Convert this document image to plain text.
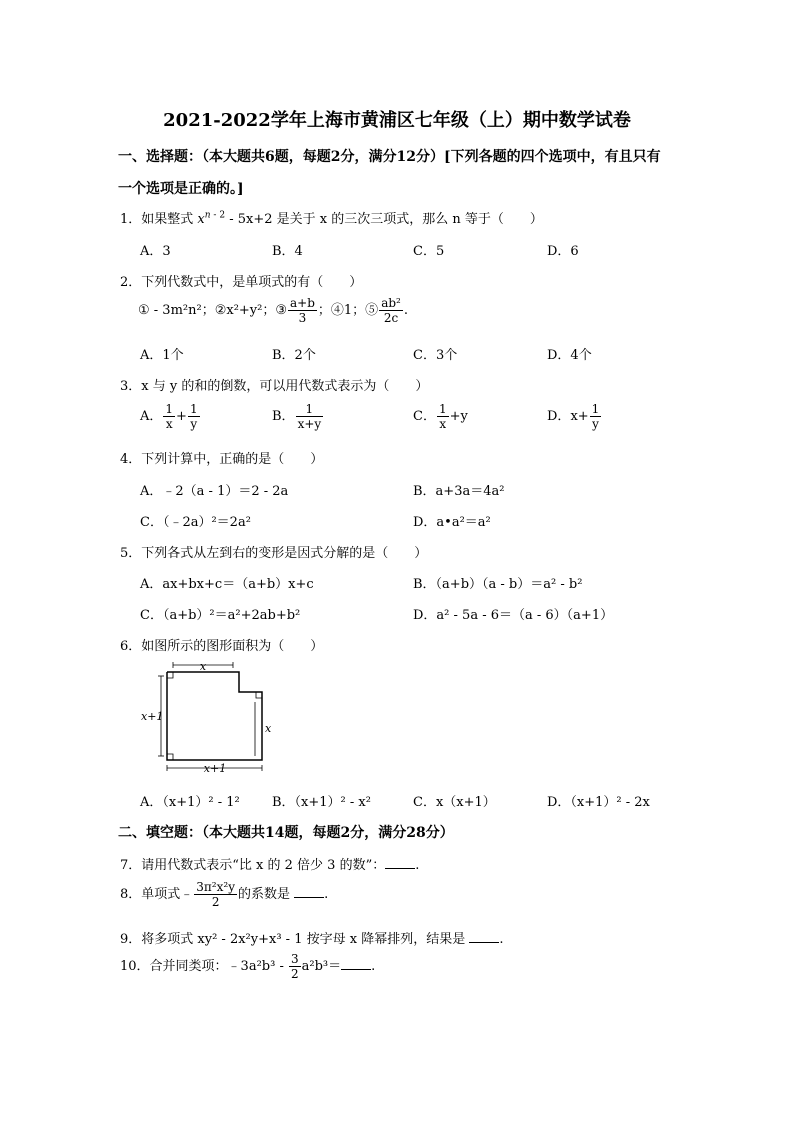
2021-2022学年上海市黄浦区七年级（上）期中数学试卷
一、选择题：（本大题共6题，每题2分，满分12分）[下列各题的四个选项中，有且只有
一个选项是正确的。]
1．如果整式 $x^{n - 2} - 5x+2$ 是关于 x 的三次三项式，那么 n 等于（　　）
A．3	B．4	C．5	D．6
2．下列代数式中，是单项式的有（　　）
① - 3m²n²；②x²+y²；③ $\frac{a+b}{3}$ ；④1；⑤ $\frac{\text{ab²}}{2c}$ .
A．1个	B．2个	C．3个	D．4个
3．x 与 y 的和的倒数，可以用代数式表示为（　　）
A． $\frac{1}{x} + \frac{1}{y}$	B． $\frac{1}{x+y}$	C． $\frac{1}{x} +y$	D．$x+ \frac{1}{y}$
4．下列计算中，正确的是（　　）
A．﹣2（a - 1）＝2 - 2a	B．a+3a＝4a²
C．（﹣2a）²＝2a²	D．a•a²＝a²
5．下列各式从左到右的变形是因式分解的是（　　）
A．ax+bx+c＝（a+b）x+c	B．（a+b）（a - b）＝a² - b²
C．（a+b）²＝a²+2ab+b²	D．a² - 5a - 6＝（a - 6）（a+1）
6．如图所示的图形面积为（　　）
x
x+1
x
x+1
A．（x+1）² - 1² B．（x+1）² - x²	C．x（x+1）	D．（x+1）² - 2x
二、填空题：（本大题共14题，每题2分，满分28分）
7．请用代数式表示“比 x 的 2 倍少 3 的数”： .
8．单项式﹣ $\frac{\text{3π²x²y}}{2}$ 的系数是	.
9．将多项式 xy² - 2x²y+x³ - 1 按字母 x 降幂排列，结果是	.
10．合并同类项：﹣3a²b³ - $\frac{3}{2} a^2b^3=$ .
